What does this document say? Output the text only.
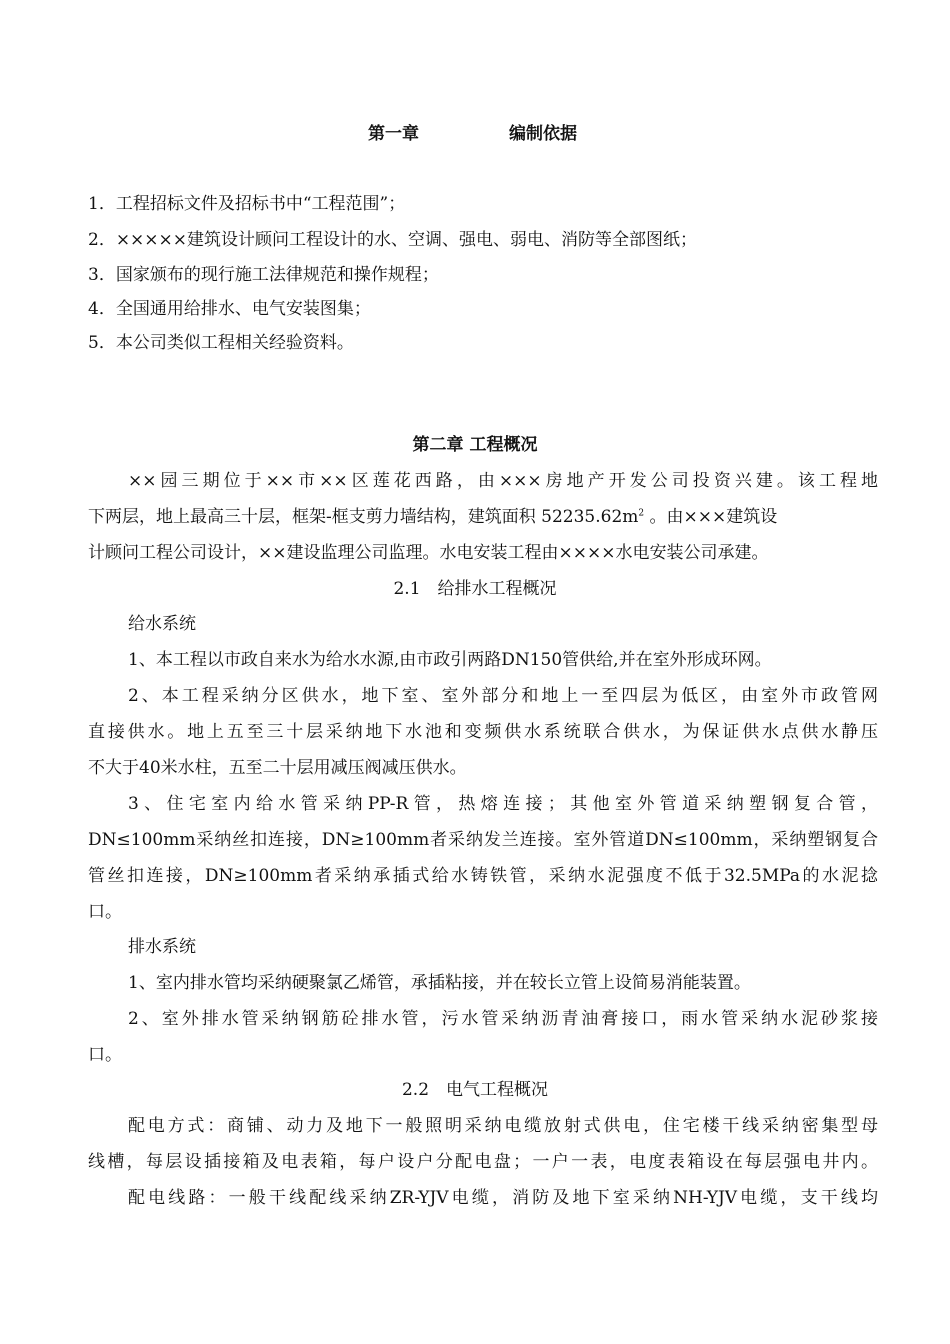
第一章	编制依据
1．工程招标文件及招标书中“工程范围”；
2．×××××建筑设计顾问工程设计的水、空调、强电、弱电、消防等全部图纸；
3．国家颁布的现行施工法律规范和操作规程；
4．全国通用给排水、电气安装图集；
5．本公司类似工程相关经验资料。
第二章 工程概况
××园三期位于××市××区莲花西路，由×××房地产开发公司投资兴建。该工程地
下两层，地上最高三十层，框架-框支剪力墙结构，建筑面积 $52235.62m^2$ 。由×××建筑设
计顾问工程公司设计，××建设监理公司监理。水电安装工程由××××水电安装公司承建。
2.1　给排水工程概况
给水系统
1、本工程以市政自来水为给水水源,由市政引两路DN150管供给,并在室外形成环网。
2、本工程采纳分区供水，地下室、室外部分和地上一至四层为低区，由室外市政管网
直接供水。地上五至三十层采纳地下水池和变频供水系统联合供水，为保证供水点供水静压
不大于40米水柱，五至二十层用减压阀减压供水。
3、住宅室内给水管采纳PP-R管，热熔连接；其他室外管道采纳塑钢复合管，
DN≤100mm采纳丝扣连接，DN≥100mm者采纳发兰连接。室外管道DN≤100mm，采纳塑钢复合
管丝扣连接，DN≥100mm者采纳承插式给水铸铁管，采纳水泥强度不低于32.5MPa的水泥捻
口。
排水系统
1、室内排水管均采纳硬聚氯乙烯管，承插粘接，并在较长立管上设简易消能装置。
2、室外排水管采纳钢筋砼排水管，污水管采纳沥青油膏接口，雨水管采纳水泥砂浆接
口。
2.2　电气工程概况
配电方式：商铺、动力及地下一般照明采纳电缆放射式供电，住宅楼干线采纳密集型母
线槽，每层设插接箱及电表箱，每户设户分配电盘；一户一表，电度表箱设在每层强电井内。
配电线路：一般干线配线采纳ZR-YJV电缆，消防及地下室采纳NH-YJV电缆，支干线均
